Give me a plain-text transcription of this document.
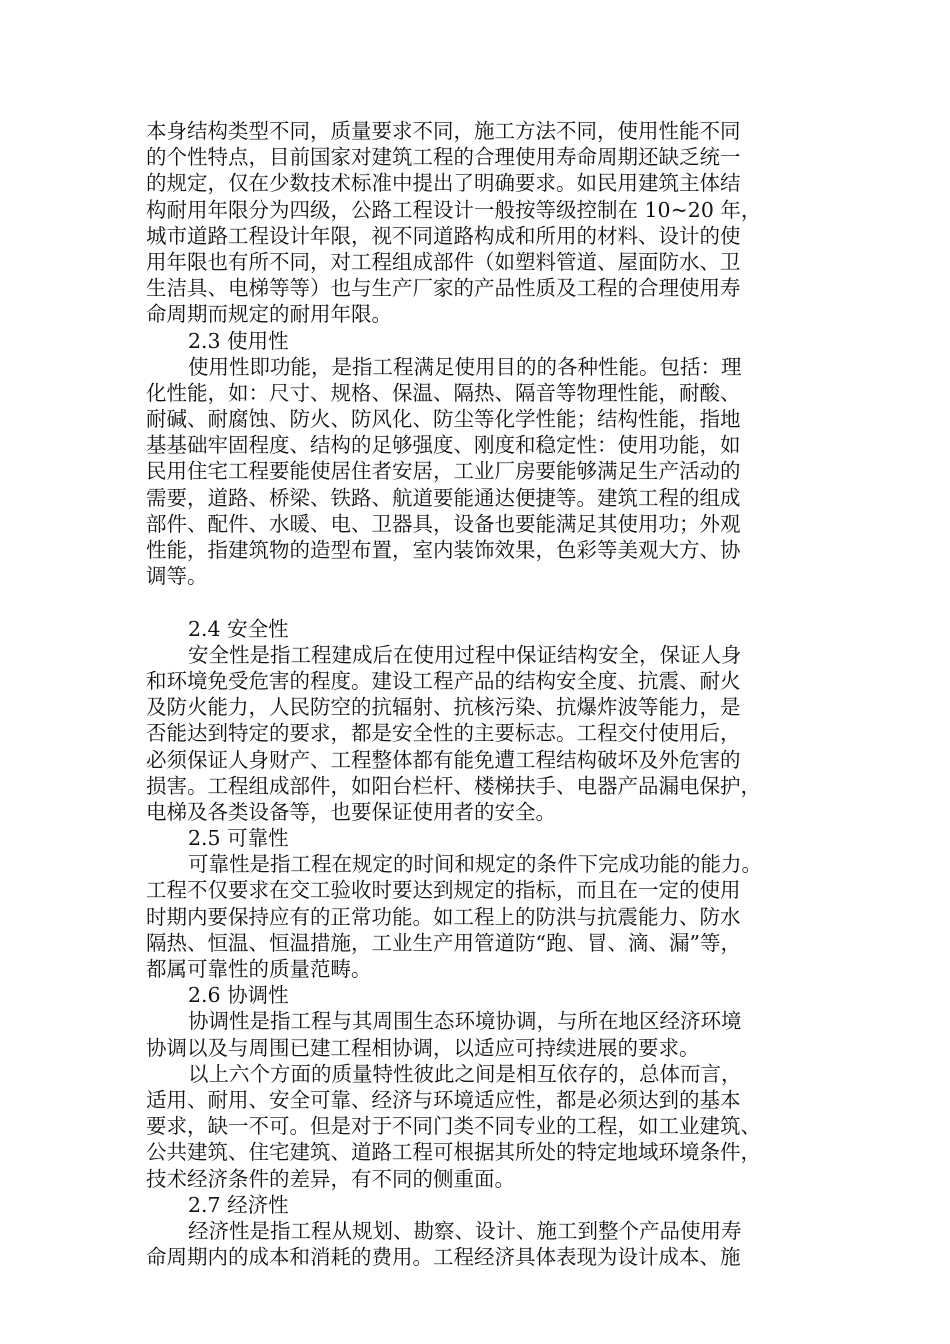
本身结构类型不同，质量要求不同，施工方法不同，使用性能不同
的个性特点，目前国家对建筑工程的合理使用寿命周期还缺乏统一
的规定，仅在少数技术标准中提出了明确要求。如民用建筑主体结
构耐用年限分为四级，公路工程设计一般按等级控制在 10~20 年，
城市道路工程设计年限，视不同道路构成和所用的材料、设计的使
用年限也有所不同，对工程组成部件（如塑料管道、屋面防水、卫
生洁具、电梯等等）也与生产厂家的产品性质及工程的合理使用寿
命周期而规定的耐用年限。
2.3 使用性
使用性即功能，是指工程满足使用目的的各种性能。包括：理
化性能，如：尺寸、规格、保温、隔热、隔音等物理性能，耐酸、
耐碱、耐腐蚀、防火、防风化、防尘等化学性能；结构性能，指地
基基础牢固程度、结构的足够强度、刚度和稳定性：使用功能，如
民用住宅工程要能使居住者安居，工业厂房要能够满足生产活动的
需要，道路、桥梁、铁路、航道要能通达便捷等。建筑工程的组成
部件、配件、水暖、电、卫器具，设备也要能满足其使用功；外观
性能，指建筑物的造型布置，室内装饰效果，色彩等美观大方、协
调等。
2.4 安全性
安全性是指工程建成后在使用过程中保证结构安全，保证人身
和环境免受危害的程度。建设工程产品的结构安全度、抗震、耐火
及防火能力，人民防空的抗辐射、抗核污染、抗爆炸波等能力，是
否能达到特定的要求，都是安全性的主要标志。工程交付使用后，
必须保证人身财产、工程整体都有能免遭工程结构破坏及外危害的
损害。工程组成部件，如阳台栏杆、楼梯扶手、电器产品漏电保护，
电梯及各类设备等，也要保证使用者的安全。
2.5 可靠性
可靠性是指工程在规定的时间和规定的条件下完成功能的能力。
工程不仅要求在交工验收时要达到规定的指标，而且在一定的使用
时期内要保持应有的正常功能。如工程上的防洪与抗震能力、防水
隔热、恒温、恒温措施，工业生产用管道防“跑、冒、滴、漏”等，
都属可靠性的质量范畴。
2.6 协调性
协调性是指工程与其周围生态环境协调，与所在地区经济环境
协调以及与周围已建工程相协调，以适应可持续进展的要求。
以上六个方面的质量特性彼此之间是相互依存的，总体而言，
适用、耐用、安全可靠、经济与环境适应性，都是必须达到的基本
要求，缺一不可。但是对于不同门类不同专业的工程，如工业建筑、
公共建筑、住宅建筑、道路工程可根据其所处的特定地域环境条件，
技术经济条件的差异，有不同的侧重面。
2.7 经济性
经济性是指工程从规划、勘察、设计、施工到整个产品使用寿
命周期内的成本和消耗的费用。工程经济具体表现为设计成本、施
